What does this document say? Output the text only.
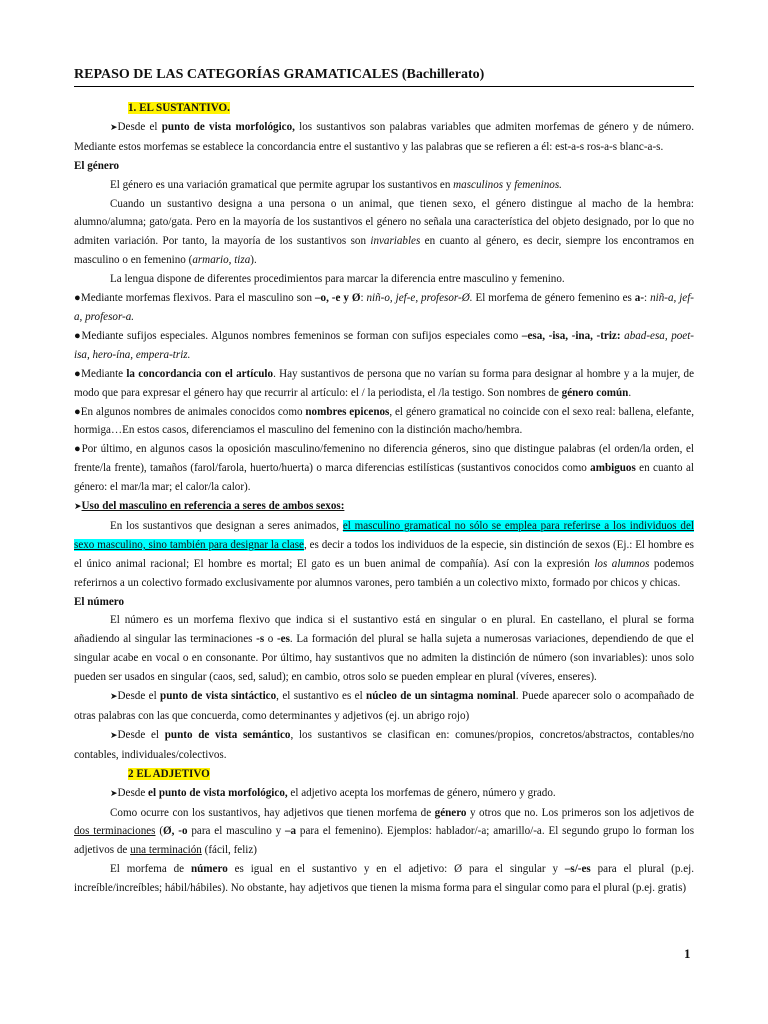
REPASO DE LAS CATEGORÍAS GRAMATICALES (Bachillerato)

1. EL SUSTANTIVO.

➤Desde el punto de vista morfológico, los sustantivos son palabras variables que admiten morfemas de género y de número. Mediante estos morfemas se establece la concordancia entre el sustantivo y las palabras que se refieren a él: est-a-s ros-a-s blanc-a-s.

El género

El género es una variación gramatical que permite agrupar los sustantivos en masculinos y femeninos.

Cuando un sustantivo designa a una persona o un animal, que tienen sexo, el género distingue al macho de la hembra: alumno/alumna; gato/gata. Pero en la mayoría de los sustantivos el género no señala una característica del objeto designado, por lo que no admiten variación. Por tanto, la mayoría de los sustantivos son invariables en cuanto al género, es decir, siempre los encontramos en masculino o en femenino (armario, tiza).

La lengua dispone de diferentes procedimientos para marcar la diferencia entre masculino y femenino.

●Mediante morfemas flexivos. Para el masculino son –o, -e y Ø: niñ-o, jef-e, profesor-Ø. El morfema de género femenino es a-: niñ-a, jef-a, profesor-a.

●Mediante sufijos especiales. Algunos nombres femeninos se forman con sufijos especiales como –esa, -isa, -ina, -triz: abad-esa, poet-isa, hero-ína, empera-triz.

●Mediante la concordancia con el artículo. Hay sustantivos de persona que no varían su forma para designar al hombre y a la mujer, de modo que para expresar el género hay que recurrir al artículo: el / la periodista, el /la testigo. Son nombres de género común.

●En algunos nombres de animales conocidos como nombres epicenos, el género gramatical no coincide con el sexo real: ballena, elefante, hormiga…En estos casos, diferenciamos el masculino del femenino con la distinción macho/hembra.

●Por último, en algunos casos la oposición masculino/femenino no diferencia géneros, sino que distingue palabras (el orden/la orden, el frente/la frente), tamaños (farol/farola, huerto/huerta) o marca diferencias estilísticas (sustantivos conocidos como ambiguos en cuanto al género: el mar/la mar; el calor/la calor).

➤Uso del masculino en referencia a seres de ambos sexos:

En los sustantivos que designan a seres animados, el masculino gramatical no sólo se emplea para referirse a los individuos del sexo masculino, sino también para designar la clase, es decir a todos los individuos de la especie, sin distinción de sexos (Ej.: El hombre es el único animal racional; El hombre es mortal; El gato es un buen animal de compañía). Así con la expresión los alumnos podemos referirnos a un colectivo formado exclusivamente por alumnos varones, pero también a un colectivo mixto, formado por chicos y chicas.

El número

El número es un morfema flexivo que indica si el sustantivo está en singular o en plural. En castellano, el plural se forma añadiendo al singular las terminaciones -s o -es. La formación del plural se halla sujeta a numerosas variaciones, dependiendo de que el singular acabe en vocal o en consonante. Por último, hay sustantivos que no admiten la distinción de número (son invariables): unos solo pueden ser usados en singular (caos, sed, salud); en cambio, otros solo se pueden emplear en plural (víveres, enseres).

➤Desde el punto de vista sintáctico, el sustantivo es el núcleo de un sintagma nominal. Puede aparecer solo o acompañado de otras palabras con las que concuerda, como determinantes y adjetivos (ej. un abrigo rojo)

➤Desde el punto de vista semántico, los sustantivos se clasifican en: comunes/propios, concretos/abstractos, contables/no contables, individuales/colectivos.

2 EL ADJETIVO

➤Desde el punto de vista morfológico, el adjetivo acepta los morfemas de género, número y grado.

Como ocurre con los sustantivos, hay adjetivos que tienen morfema de género y otros que no. Los primeros son los adjetivos de dos terminaciones (Ø, -o para el masculino y –a para el femenino). Ejemplos: hablador/-a; amarillo/-a. El segundo grupo lo forman los adjetivos de una terminación (fácil, feliz)

El morfema de número es igual en el sustantivo y en el adjetivo: Ø para el singular y –s/-es para el plural (p.ej. increíble/increíbles; hábil/hábiles). No obstante, hay adjetivos que tienen la misma forma para el singular como para el plural (p.ej. gratis)

1
